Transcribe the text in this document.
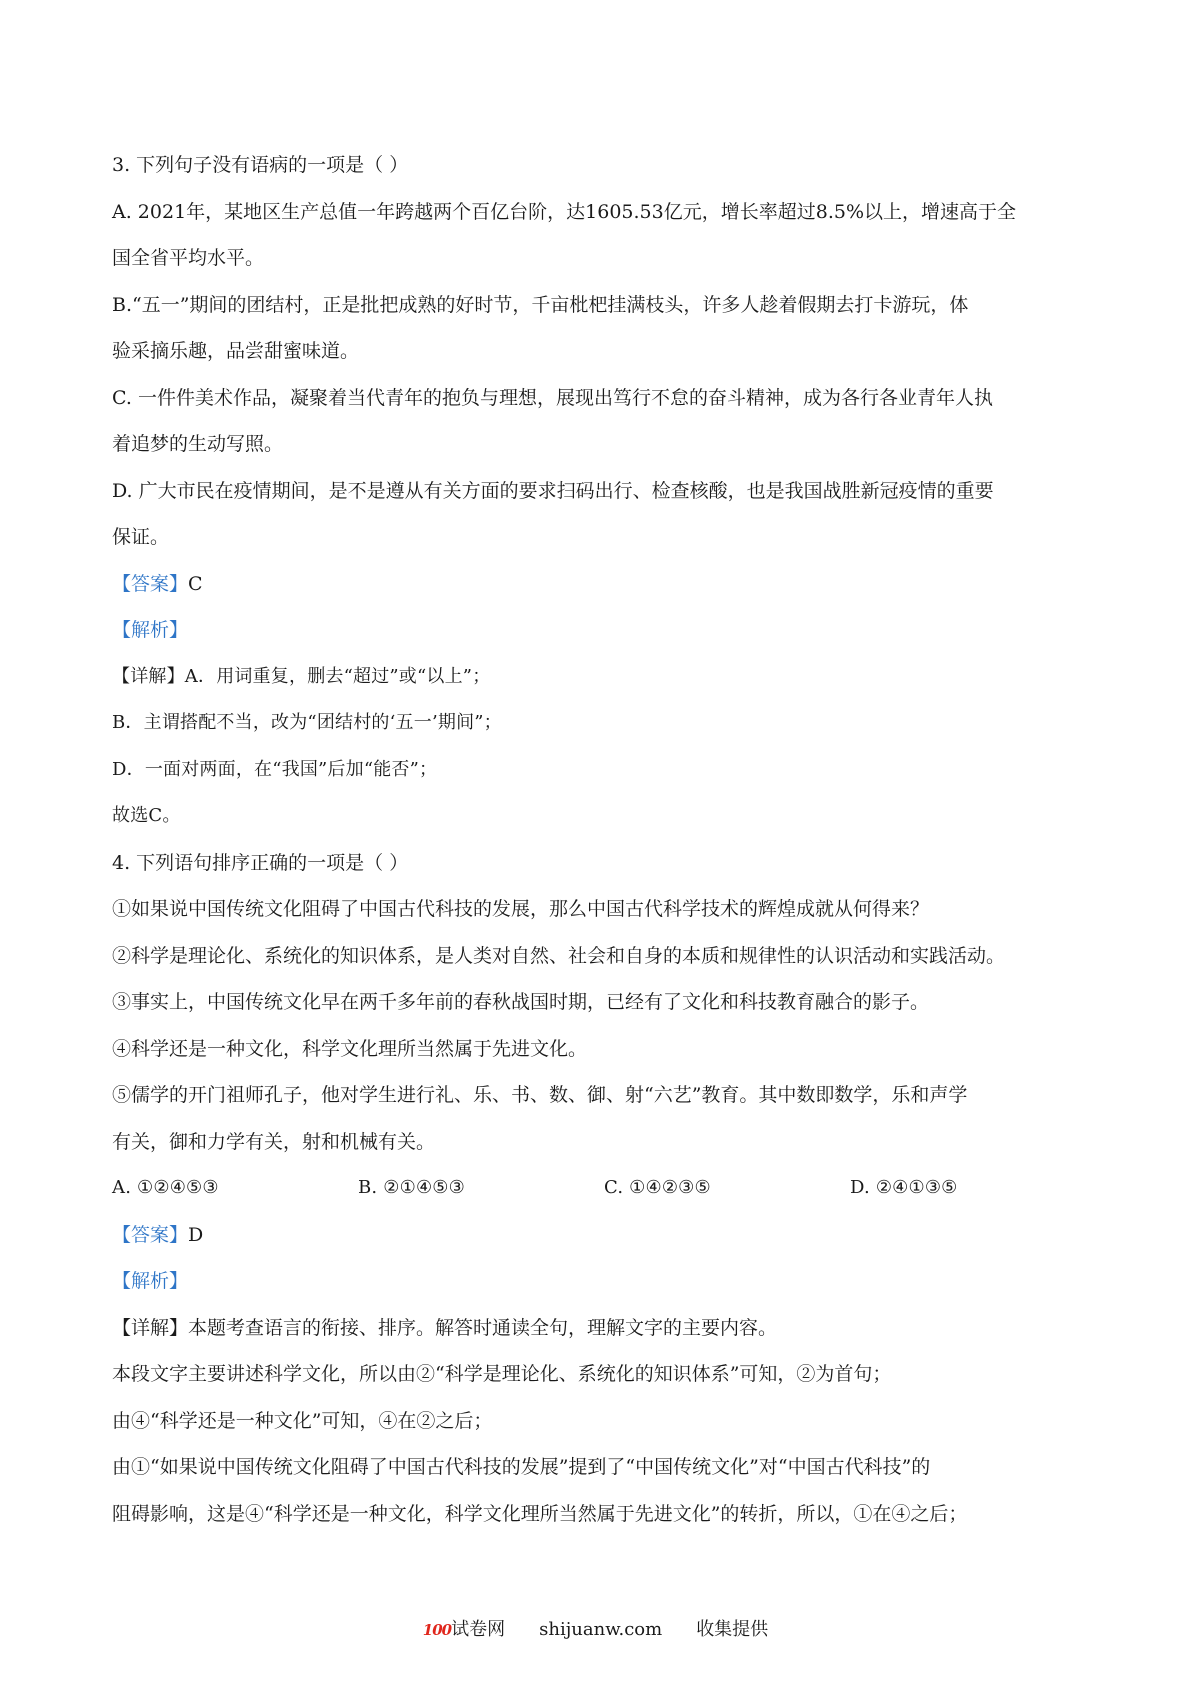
3. 下列句子没有语病的一项是（ ）

A. 2021年，某地区生产总值一年跨越两个百亿台阶，达1605.53亿元，增长率超过8.5%以上，增速高于全

国全省平均水平。

B.“五一”期间的团结村，正是批把成熟的好时节，千亩枇杷挂满枝头，许多人趁着假期去打卡游玩，体

验采摘乐趣，品尝甜蜜味道。

C. 一件件美术作品，凝聚着当代青年的抱负与理想，展现出笃行不怠的奋斗精神，成为各行各业青年人执

着追梦的生动写照。

D. 广大市民在疫情期间，是不是遵从有关方面的要求扫码出行、检查核酸，也是我国战胜新冠疫情的重要

保证。

【答案】C

【解析】

【详解】A．用词重复，删去“超过”或“以上”；

B．主谓搭配不当，改为“团结村的‘五一’期间”；

D．一面对两面，在“我国”后加“能否”；

故选C。

4. 下列语句排序正确的一项是（ ）

①如果说中国传统文化阻碍了中国古代科技的发展，那么中国古代科学技术的辉煌成就从何得来？

②科学是理论化、系统化的知识体系，是人类对自然、社会和自身的本质和规律性的认识活动和实践活动。

③事实上，中国传统文化早在两千多年前的春秋战国时期，已经有了文化和科技教育融合的影子。

④科学还是一种文化，科学文化理所当然属于先进文化。

⑤儒学的开门祖师孔子，他对学生进行礼、乐、书、数、御、射“六艺”教育。其中数即数学，乐和声学

有关，御和力学有关，射和机械有关。

A. ①②④⑤③	B. ②①④⑤③	C. ①④②③⑤	D. ②④①③⑤

【答案】D

【解析】

【详解】本题考查语言的衔接、排序。解答时通读全句，理解文字的主要内容。

本段文字主要讲述科学文化，所以由②“科学是理论化、系统化的知识体系”可知，②为首句；

由④“科学还是一种文化”可知，④在②之后；

由①“如果说中国传统文化阻碍了中国古代科技的发展”提到了“中国传统文化”对“中国古代科技”的

阻碍影响，这是④“科学还是一种文化，科学文化理所当然属于先进文化”的转折，所以，①在④之后；

100试卷网 shijuanw.com 收集提供
